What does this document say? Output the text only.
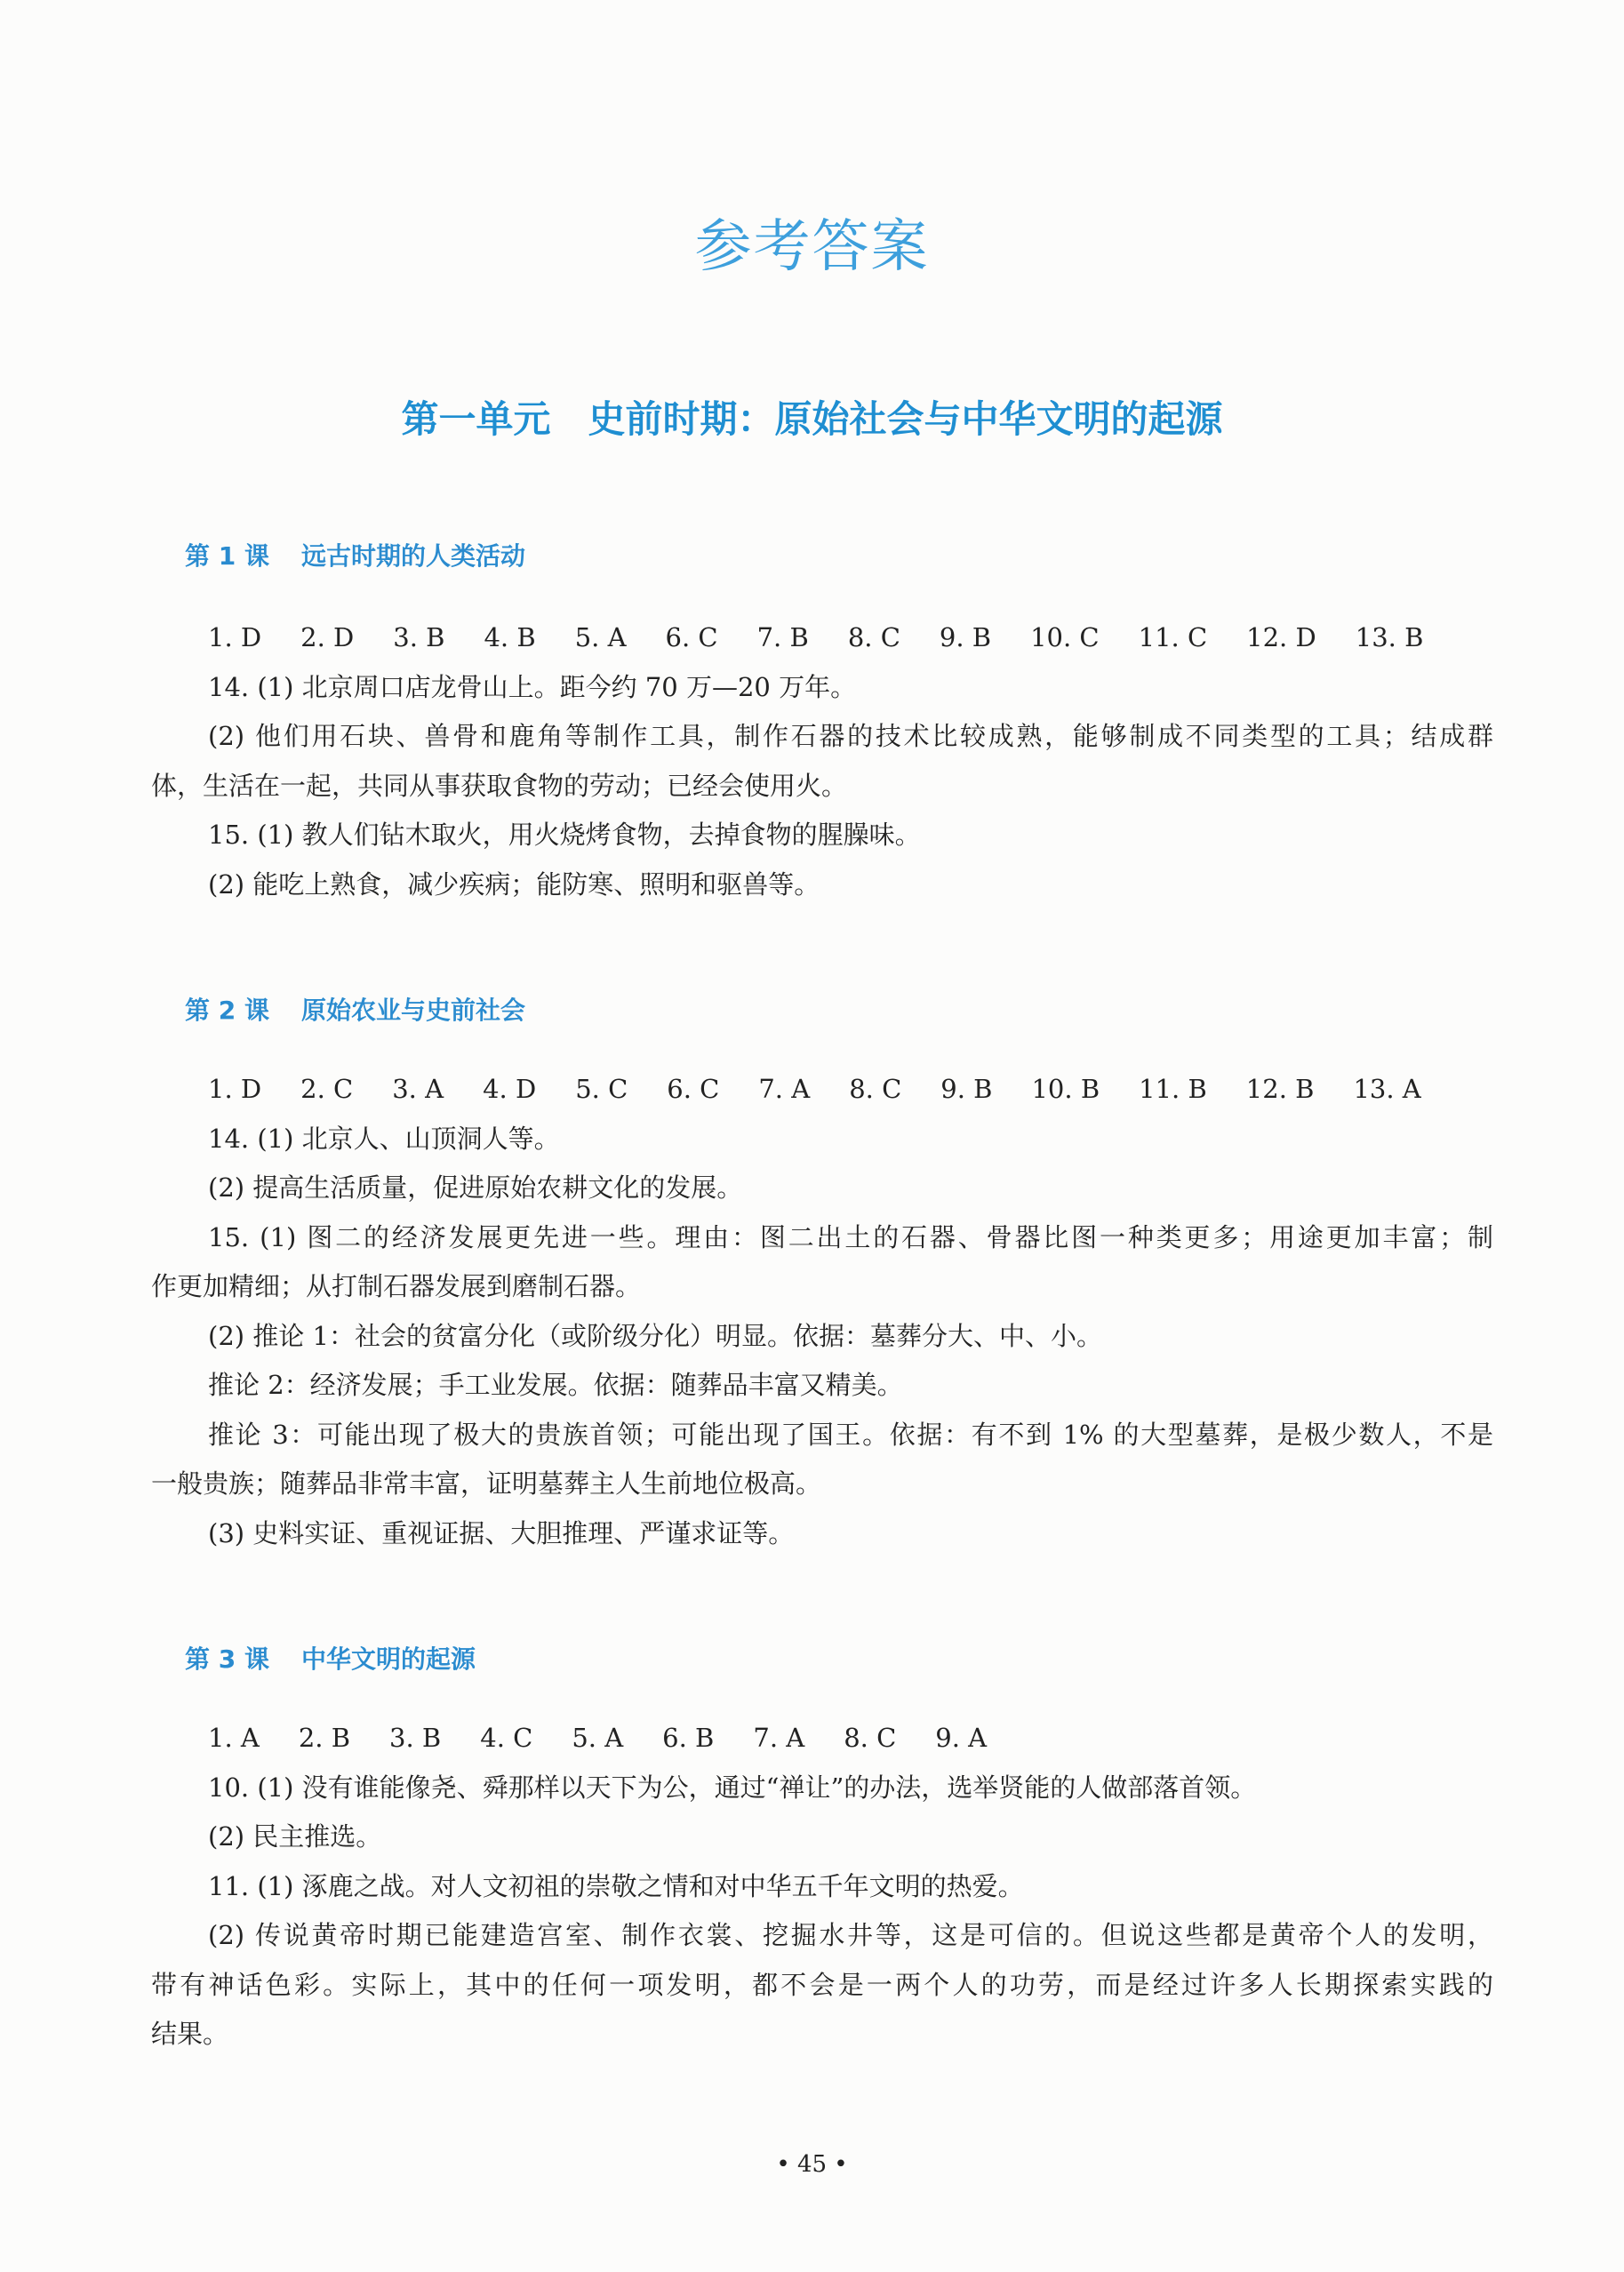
参考答案
第一单元　史前时期：原始社会与中华文明的起源
第 1 课 远古时期的人类活动
1. D 2. D 3. B 4. B 5. A 6. C 7. B 8. C 9. B 10. C 11. C 12. D 13. B
14. (1) 北京周口店龙骨山上。距今约 70 万—20 万年。
(2) 他们用石块、兽骨和鹿角等制作工具，制作石器的技术比较成熟，能够制成不同类型的工具；结成群
体，生活在一起，共同从事获取食物的劳动；已经会使用火。
15. (1) 教人们钻木取火，用火烧烤食物，去掉食物的腥臊味。
(2) 能吃上熟食，减少疾病；能防寒、照明和驱兽等。
第 2 课 原始农业与史前社会
1. D 2. C 3. A 4. D 5. C 6. C 7. A 8. C 9. B 10. B 11. B 12. B 13. A
14. (1) 北京人、山顶洞人等。
(2) 提高生活质量，促进原始农耕文化的发展。
15. (1) 图二的经济发展更先进一些。理由：图二出土的石器、骨器比图一种类更多；用途更加丰富；制
作更加精细；从打制石器发展到磨制石器。
(2) 推论 1：社会的贫富分化（或阶级分化）明显。依据：墓葬分大、中、小。
推论 2：经济发展；手工业发展。依据：随葬品丰富又精美。
推论 3：可能出现了极大的贵族首领；可能出现了国王。依据：有不到 1% 的大型墓葬，是极少数人，不是
一般贵族；随葬品非常丰富，证明墓葬主人生前地位极高。
(3) 史料实证、重视证据、大胆推理、严谨求证等。
第 3 课 中华文明的起源
1. A 2. B 3. B 4. C 5. A 6. B 7. A 8. C 9. A
10. (1) 没有谁能像尧、舜那样以天下为公，通过“禅让”的办法，选举贤能的人做部落首领。
(2) 民主推选。
11. (1) 涿鹿之战。对人文初祖的崇敬之情和对中华五千年文明的热爱。
(2) 传说黄帝时期已能建造宫室、制作衣裳、挖掘水井等，这是可信的。但说这些都是黄帝个人的发明，
带有神话色彩。实际上，其中的任何一项发明，都不会是一两个人的功劳，而是经过许多人长期探索实践的
结果。
• 45 •
